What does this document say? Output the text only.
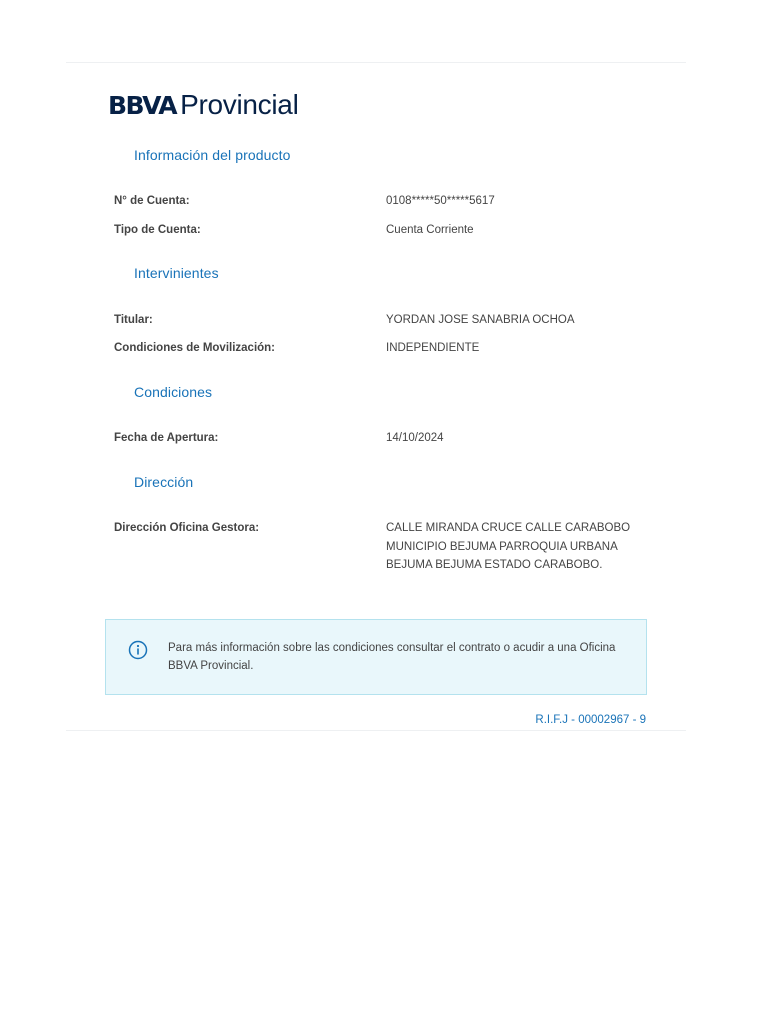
BBVA Provincial
Información del producto
N° de Cuenta:	0108*****50*****5617
Tipo de Cuenta:	Cuenta Corriente
Intervinientes
Titular:	YORDAN JOSE SANABRIA OCHOA
Condiciones de Movilización:	INDEPENDIENTE
Condiciones
Fecha de Apertura:	14/10/2024
Dirección
Dirección Oficina Gestora:	CALLE MIRANDA CRUCE CALLE CARABOBO MUNICIPIO BEJUMA PARROQUIA URBANA BEJUMA BEJUMA ESTADO CARABOBO.
Para más información sobre las condiciones consultar el contrato o acudir a una Oficina BBVA Provincial.
R.I.F.J - 00002967 - 9
